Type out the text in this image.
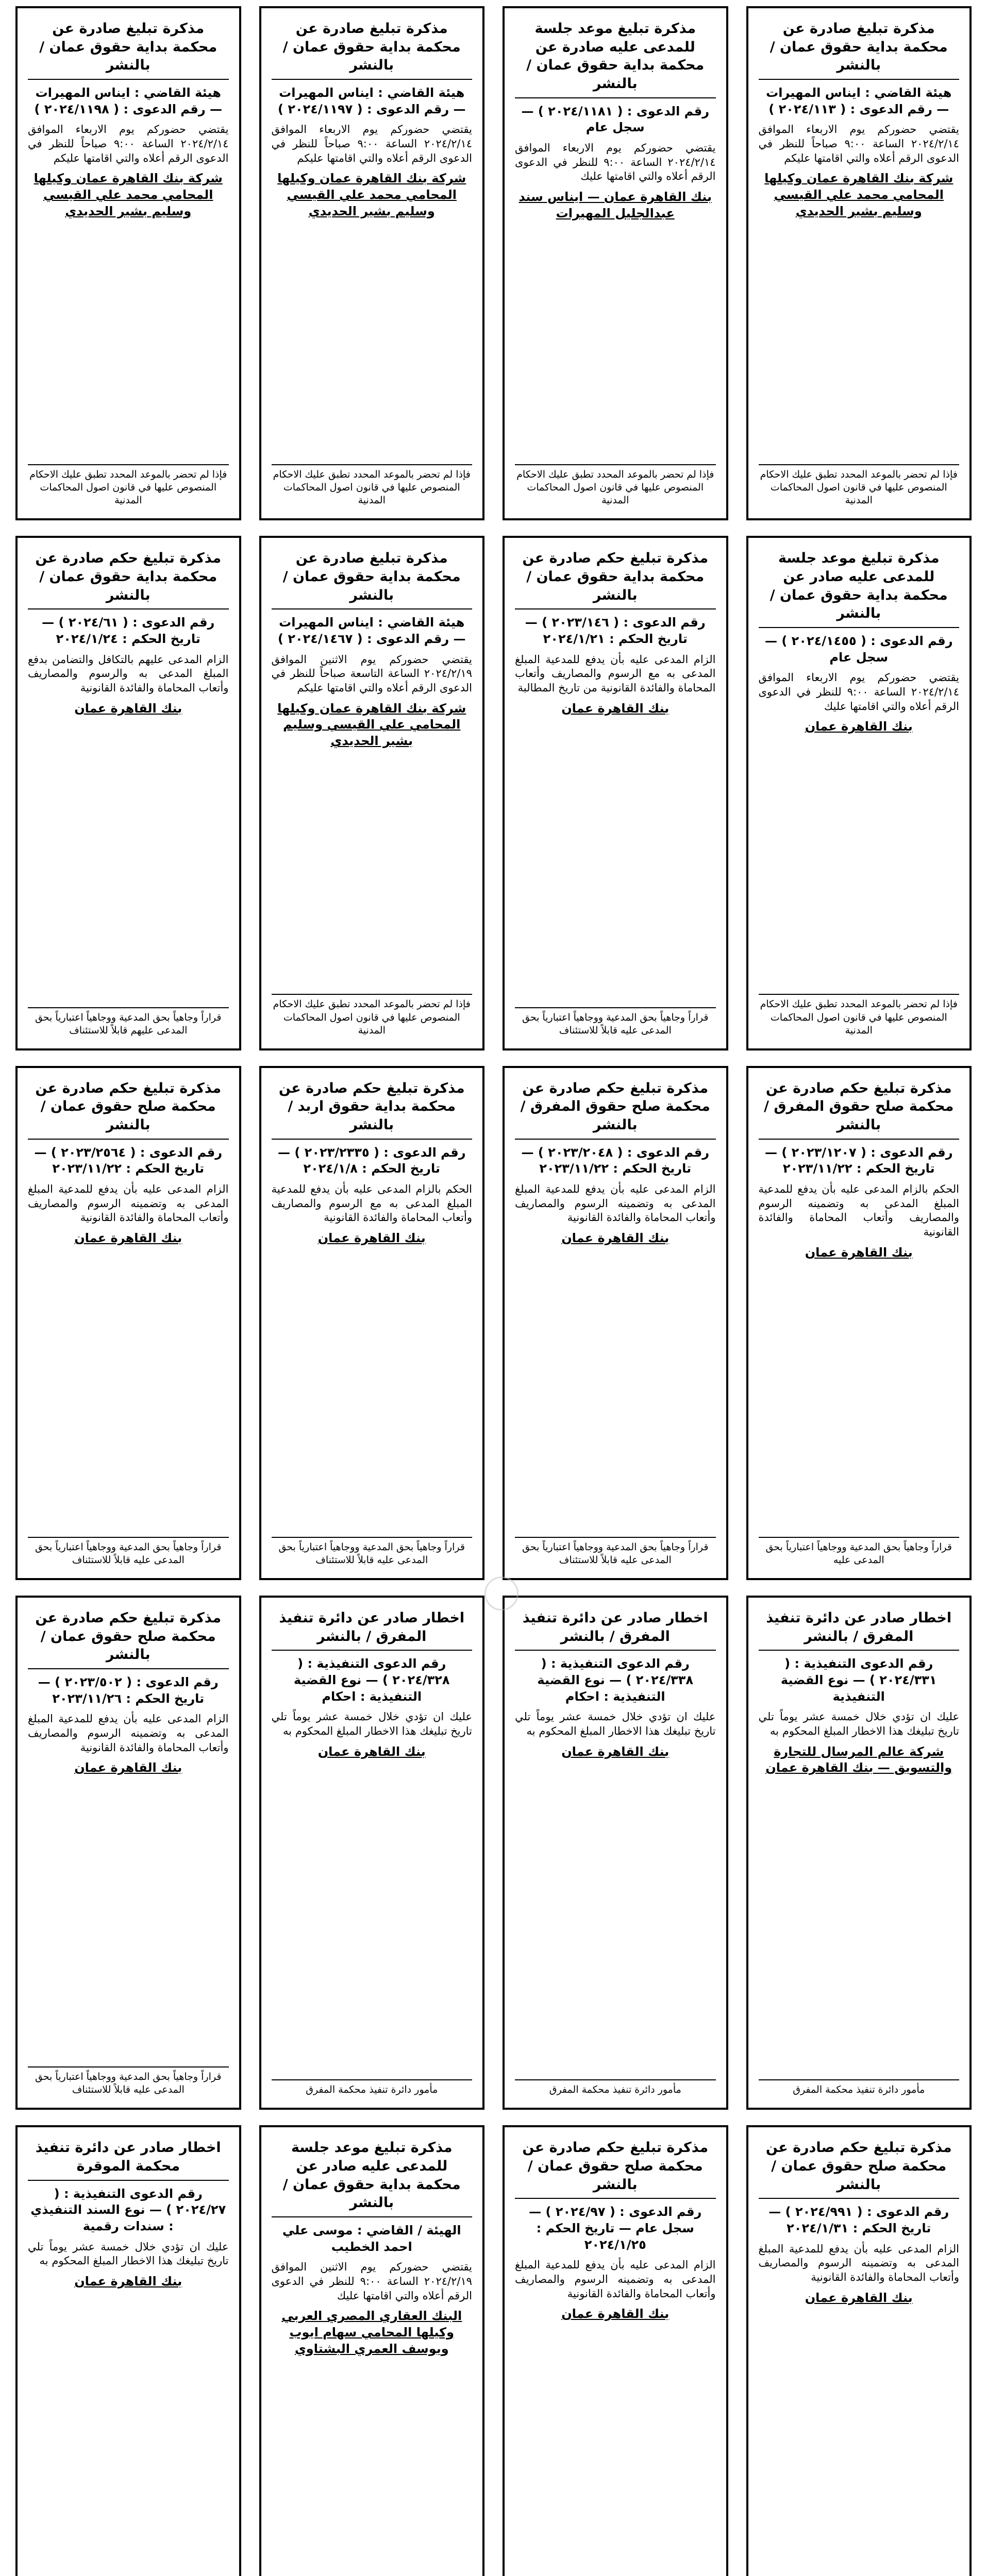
مذكرة تبليغ صادرة عن محكمة بداية حقوق عمان / بالنشر
هيئة القاضي : ايناس المهيرات — رقم الدعوى : ( ٢٠٢٤/١١٣ )
يقتضي حضوركم يوم الاربعاء الموافق ٢٠٢٤/٢/١٤ الساعة ٩:٠٠ صباحاً للنظر في الدعوى الرقم أعلاه والتي اقامتها عليكم
شركة بنك القاهرة عمان وكيلها المحامي محمد علي القيسي وسليم بشير الحديدي
فإذا لم تحضر بالموعد المحدد تطبق عليك الاحكام المنصوص عليها في قانون اصول المحاكمات المدنية
مذكرة تبليغ موعد جلسة للمدعى عليه صادرة عن محكمة بداية حقوق عمان / بالنشر
رقم الدعوى : ( ٢٠٢٤/١١٨١ ) — سجل عام
يقتضي حضوركم يوم الاربعاء الموافق ٢٠٢٤/٢/١٤ الساعة ٩:٠٠ للنظر في الدعوى الرقم أعلاه والتي اقامتها عليك
بنك القاهرة عمان — ايناس سند عبدالجليل المهيرات
فإذا لم تحضر بالموعد المحدد تطبق عليك الاحكام المنصوص عليها في قانون اصول المحاكمات المدنية
مذكرة تبليغ صادرة عن محكمة بداية حقوق عمان / بالنشر
هيئة القاضي : ايناس المهيرات — رقم الدعوى : ( ٢٠٢٤/١١٩٧ )
يقتضي حضوركم يوم الاربعاء الموافق ٢٠٢٤/٢/١٤ الساعة ٩:٠٠ صباحاً للنظر في الدعوى الرقم أعلاه والتي اقامتها عليكم
شركة بنك القاهرة عمان وكيلها المحامي محمد علي القيسي وسليم بشير الحديدي
فإذا لم تحضر بالموعد المحدد تطبق عليك الاحكام المنصوص عليها في قانون اصول المحاكمات المدنية
مذكرة تبليغ صادرة عن محكمة بداية حقوق عمان / بالنشر
هيئة القاضي : ايناس المهيرات — رقم الدعوى : ( ٢٠٢٤/١١٩٨ )
يقتضي حضوركم يوم الاربعاء الموافق ٢٠٢٤/٢/١٤ الساعة ٩:٠٠ صباحاً للنظر في الدعوى الرقم أعلاه والتي اقامتها عليكم
شركة بنك القاهرة عمان وكيلها المحامي محمد علي القيسي وسليم بشير الحديدي
فإذا لم تحضر بالموعد المحدد تطبق عليك الاحكام المنصوص عليها في قانون اصول المحاكمات المدنية
مذكرة تبليغ موعد جلسة للمدعى عليه صادر عن محكمة بداية حقوق عمان / بالنشر
رقم الدعوى : ( ٢٠٢٤/١٤٥٥ ) — سجل عام
يقتضي حضوركم يوم الاربعاء الموافق ٢٠٢٤/٢/١٤ الساعة ٩:٠٠ للنظر في الدعوى الرقم أعلاه والتي اقامتها عليك
بنك القاهرة عمان
فإذا لم تحضر بالموعد المحدد تطبق عليك الاحكام المنصوص عليها في قانون اصول المحاكمات المدنية
مذكرة تبليغ حكم صادرة عن محكمة بداية حقوق عمان / بالنشر
رقم الدعوى : ( ٢٠٢٣/١٤٦ ) — تاريخ الحكم : ٢٠٢٤/١/٢١
الزام المدعى عليه بأن يدفع للمدعية المبلغ المدعى به مع الرسوم والمصاريف وأتعاب المحاماة والفائدة القانونية من تاريخ المطالبة
بنك القاهرة عمان
قراراً وجاهياً بحق المدعية ووجاهياً اعتبارياً بحق المدعى عليه قابلاً للاستئناف
مذكرة تبليغ صادرة عن محكمة بداية حقوق عمان / بالنشر
هيئة القاضي : ايناس المهيرات — رقم الدعوى : ( ٢٠٢٤/١٤٦٧ )
يقتضي حضوركم يوم الاثنين الموافق ٢٠٢٤/٢/١٩ الساعة التاسعة صباحاً للنظر في الدعوى الرقم أعلاه والتي اقامتها عليكم
شركة بنك القاهرة عمان وكيلها المحامي علي القيسي وسليم بشير الحديدي
فإذا لم تحضر بالموعد المحدد تطبق عليك الاحكام المنصوص عليها في قانون اصول المحاكمات المدنية
مذكرة تبليغ حكم صادرة عن محكمة بداية حقوق عمان / بالنشر
رقم الدعوى : ( ٢٠٢٤/٦١ ) — تاريخ الحكم : ٢٠٢٤/١/٢٤
الزام المدعى عليهم بالتكافل والتضامن بدفع المبلغ المدعى به والرسوم والمصاريف وأتعاب المحاماة والفائدة القانونية
بنك القاهرة عمان
قراراً وجاهياً بحق المدعية ووجاهياً اعتبارياً بحق المدعى عليهم قابلاً للاستئناف
مذكرة تبليغ حكم صادرة عن محكمة صلح حقوق المفرق / بالنشر
رقم الدعوى : ( ٢٠٢٣/١٢٠٧ ) — تاريخ الحكم : ٢٠٢٣/١١/٢٢
الحكم بالزام المدعى عليه بأن يدفع للمدعية المبلغ المدعى به وتضمينه الرسوم والمصاريف وأتعاب المحاماة والفائدة القانونية
بنك القاهرة عمان
قراراً وجاهياً بحق المدعية ووجاهياً اعتبارياً بحق المدعى عليه
مذكرة تبليغ حكم صادرة عن محكمة صلح حقوق المفرق / بالنشر
رقم الدعوى : ( ٢٠٢٣/٢٠٤٨ ) — تاريخ الحكم : ٢٠٢٣/١١/٢٢
الزام المدعى عليه بأن يدفع للمدعية المبلغ المدعى به وتضمينه الرسوم والمصاريف وأتعاب المحاماة والفائدة القانونية
بنك القاهرة عمان
قراراً وجاهياً بحق المدعية ووجاهياً اعتبارياً بحق المدعى عليه قابلاً للاستئناف
مذكرة تبليغ حكم صادرة عن محكمة بداية حقوق اربد / بالنشر
رقم الدعوى : ( ٢٠٢٣/٢٣٣٥ ) — تاريخ الحكم : ٢٠٢٤/١/٨
الحكم بالزام المدعى عليه بأن يدفع للمدعية المبلغ المدعى به مع الرسوم والمصاريف وأتعاب المحاماة والفائدة القانونية
بنك القاهرة عمان
قراراً وجاهياً بحق المدعية ووجاهياً اعتبارياً بحق المدعى عليه قابلاً للاستئناف
مذكرة تبليغ حكم صادرة عن محكمة صلح حقوق عمان / بالنشر
رقم الدعوى : ( ٢٠٢٣/٢٥٦٤ ) — تاريخ الحكم : ٢٠٢٣/١١/٢٢
الزام المدعى عليه بأن يدفع للمدعية المبلغ المدعى به وتضمينه الرسوم والمصاريف وأتعاب المحاماة والفائدة القانونية
بنك القاهرة عمان
قراراً وجاهياً بحق المدعية ووجاهياً اعتبارياً بحق المدعى عليه قابلاً للاستئناف
اخطار صادر عن دائرة تنفيذ المفرق / بالنشر
رقم الدعوى التنفيذية : ( ٢٠٢٤/٣٣١ ) — نوع القضية التنفيذية
عليك ان تؤدي خلال خمسة عشر يوماً تلي تاريخ تبليغك هذا الاخطار المبلغ المحكوم به
شركة عالم المرسال للتجارة والتسويق — بنك القاهرة عمان
مأمور دائرة تنفيذ محكمة المفرق
اخطار صادر عن دائرة تنفيذ المفرق / بالنشر
رقم الدعوى التنفيذية : ( ٢٠٢٤/٣٣٨ ) — نوع القضية التنفيذية : احكام
عليك ان تؤدي خلال خمسة عشر يوماً تلي تاريخ تبليغك هذا الاخطار المبلغ المحكوم به
بنك القاهرة عمان
مأمور دائرة تنفيذ محكمة المفرق
اخطار صادر عن دائرة تنفيذ المفرق / بالنشر
رقم الدعوى التنفيذية : ( ٢٠٢٤/٣٢٨ ) — نوع القضية التنفيذية : احكام
عليك ان تؤدي خلال خمسة عشر يوماً تلي تاريخ تبليغك هذا الاخطار المبلغ المحكوم به
بنك القاهرة عمان
مأمور دائرة تنفيذ محكمة المفرق
مذكرة تبليغ حكم صادرة عن محكمة صلح حقوق عمان / بالنشر
رقم الدعوى : ( ٢٠٢٣/٥٠٢ ) — تاريخ الحكم : ٢٠٢٣/١١/٢٦
الزام المدعى عليه بأن يدفع للمدعية المبلغ المدعى به وتضمينه الرسوم والمصاريف وأتعاب المحاماة والفائدة القانونية
بنك القاهرة عمان
قراراً وجاهياً بحق المدعية ووجاهياً اعتبارياً بحق المدعى عليه قابلاً للاستئناف
مذكرة تبليغ حكم صادرة عن محكمة صلح حقوق عمان / بالنشر
رقم الدعوى : ( ٢٠٢٤/٩٩١ ) — تاريخ الحكم : ٢٠٢٤/١/٣١
الزام المدعى عليه بأن يدفع للمدعية المبلغ المدعى به وتضمينه الرسوم والمصاريف وأتعاب المحاماة والفائدة القانونية
بنك القاهرة عمان
مذكرة تبليغ حكم صادرة عن محكمة صلح حقوق عمان / بالنشر
رقم الدعوى : ( ٢٠٢٤/٩٧ ) — سجل عام — تاريخ الحكم : ٢٠٢٤/١/٢٥
الزام المدعى عليه بأن يدفع للمدعية المبلغ المدعى به وتضمينه الرسوم والمصاريف وأتعاب المحاماة والفائدة القانونية
بنك القاهرة عمان
مذكرة تبليغ موعد جلسة للمدعى عليه صادر عن محكمة بداية حقوق عمان / بالنشر
الهيئة / القاضي : موسى علي احمد الخطيب
يقتضي حضوركم يوم الاثنين الموافق ٢٠٢٤/٢/١٩ الساعة ٩:٠٠ للنظر في الدعوى الرقم أعلاه والتي اقامتها عليك
البنك العقاري المصري العربي وكيلها المحامي سهام ايوب ويوسف العمري البشتاوي
اخطار صادر عن دائرة تنفيذ محكمة الموقرة
رقم الدعوى التنفيذية : ( ٢٠٢٤/٢٧ ) — نوع السند التنفيذي : سندات رقمية
عليك ان تؤدي خلال خمسة عشر يوماً تلي تاريخ تبليغك هذا الاخطار المبلغ المحكوم به
بنك القاهرة عمان
